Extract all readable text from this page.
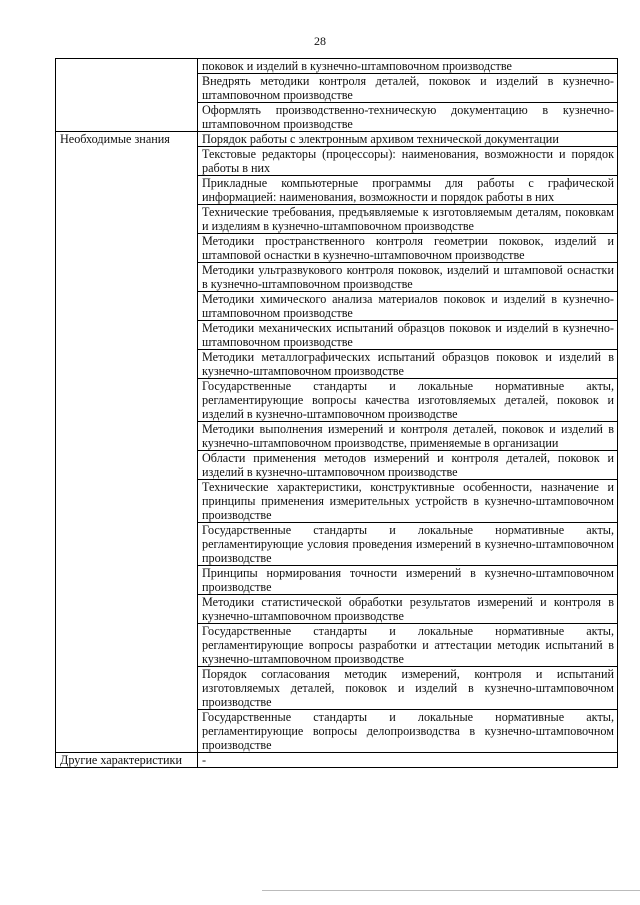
28
	поковок и изделий в кузнечно-штамповочном производстве
	Внедрять методики контроля деталей, поковок и изделий в кузнечно-штамповочном производстве
	Оформлять производственно-техническую документацию в кузнечно-штамповочном производстве
Необходимые знания	Порядок работы с электронным архивом технической документации
	Текстовые редакторы (процессоры): наименования, возможности и порядок работы в них
	Прикладные компьютерные программы для работы с графической информацией: наименования, возможности и порядок работы в них
	Технические требования, предъявляемые к изготовляемым деталям, поковкам и изделиям в кузнечно-штамповочном производстве
	Методики пространственного контроля геометрии поковок, изделий и штамповой оснастки в кузнечно-штамповочном производстве
	Методики ультразвукового контроля поковок, изделий и штамповой оснастки в кузнечно-штамповочном производстве
	Методики химического анализа материалов поковок и изделий в кузнечно-штамповочном производстве
	Методики механических испытаний образцов поковок и изделий в кузнечно-штамповочном производстве
	Методики металлографических испытаний образцов поковок и изделий в кузнечно-штамповочном производстве
	Государственные стандарты и локальные нормативные акты, регламентирующие вопросы качества изготовляемых деталей, поковок и изделий в кузнечно-штамповочном производстве
	Методики выполнения измерений и контроля деталей, поковок и изделий в кузнечно-штамповочном производстве, применяемые в организации
	Области применения методов измерений и контроля деталей, поковок и изделий в кузнечно-штамповочном производстве
	Технические характеристики, конструктивные особенности, назначение и принципы применения измерительных устройств в кузнечно-штамповочном производстве
	Государственные стандарты и локальные нормативные акты, регламентирующие условия проведения измерений в кузнечно-штамповочном производстве
	Принципы нормирования точности измерений в кузнечно-штамповочном производстве
	Методики статистической обработки результатов измерений и контроля в кузнечно-штамповочном производстве
	Государственные стандарты и локальные нормативные акты, регламентирующие вопросы разработки и аттестации методик испытаний в кузнечно-штамповочном производстве
	Порядок согласования методик измерений, контроля и испытаний изготовляемых деталей, поковок и изделий в кузнечно-штамповочном производстве
	Государственные стандарты и локальные нормативные акты, регламентирующие вопросы делопроизводства в кузнечно-штамповочном производстве
Другие характеристики	-
